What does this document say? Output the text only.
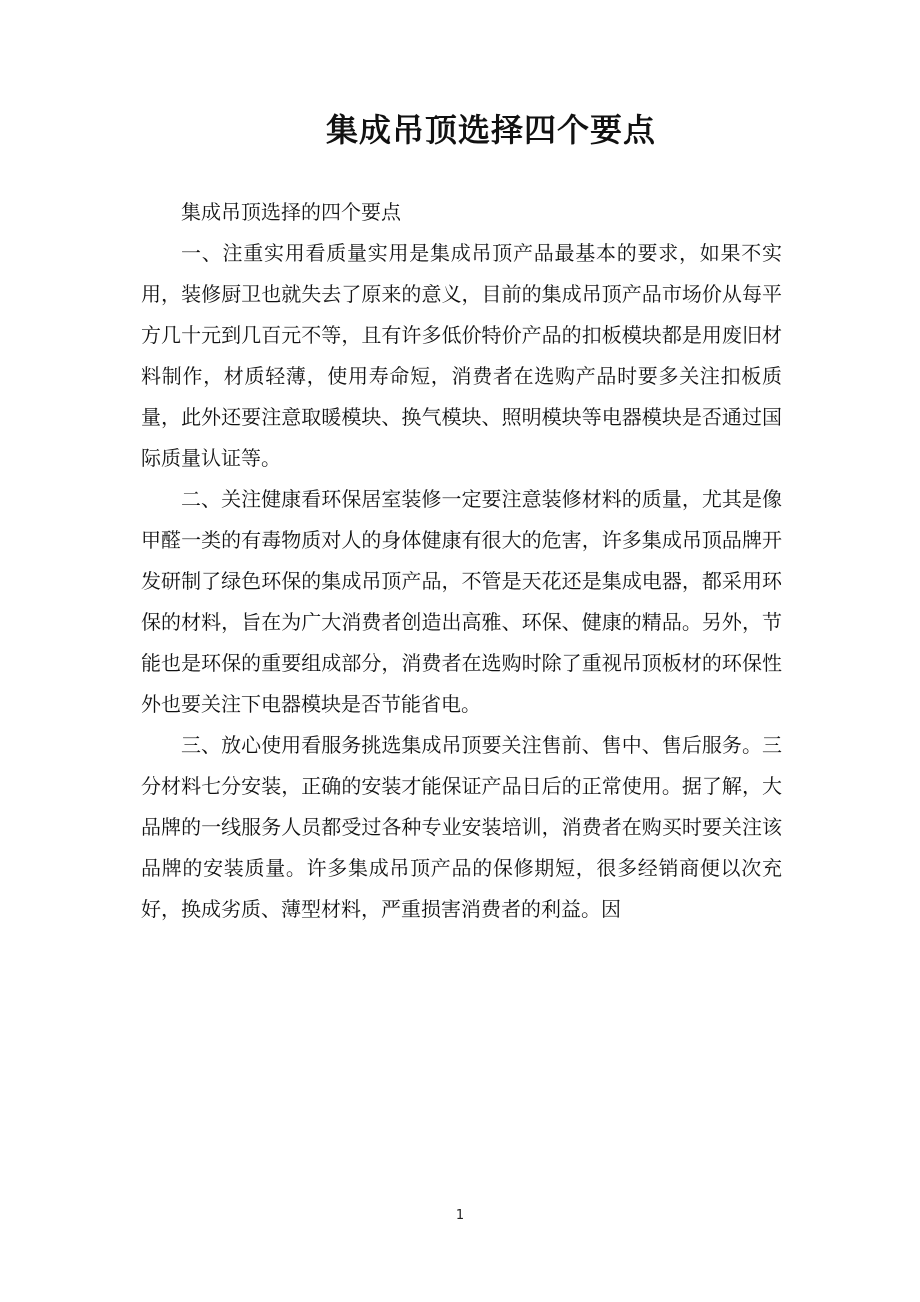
集成吊顶选择四个要点

集成吊顶选择的四个要点

一、注重实用看质量实用是集成吊顶产品最基本的要求，如果不实用，装修厨卫也就失去了原来的意义，目前的集成吊顶产品市场价从每平方几十元到几百元不等，且有许多低价特价产品的扣板模块都是用废旧材料制作，材质轻薄，使用寿命短，消费者在选购产品时要多关注扣板质量，此外还要注意取暖模块、换气模块、照明模块等电器模块是否通过国际质量认证等。

二、关注健康看环保居室装修一定要注意装修材料的质量，尤其是像甲醛一类的有毒物质对人的身体健康有很大的危害，许多集成吊顶品牌开发研制了绿色环保的集成吊顶产品，不管是天花还是集成电器，都采用环保的材料，旨在为广大消费者创造出高雅、环保、健康的精品。另外，节能也是环保的重要组成部分，消费者在选购时除了重视吊顶板材的环保性外也要关注下电器模块是否节能省电。

三、放心使用看服务挑选集成吊顶要关注售前、售中、售后服务。三分材料七分安装，正确的安装才能保证产品日后的正常使用。据了解，大品牌的一线服务人员都受过各种专业安装培训，消费者在购买时要关注该品牌的安装质量。许多集成吊顶产品的保修期短，很多经销商便以次充好，换成劣质、薄型材料，严重损害消费者的利益。因

1
